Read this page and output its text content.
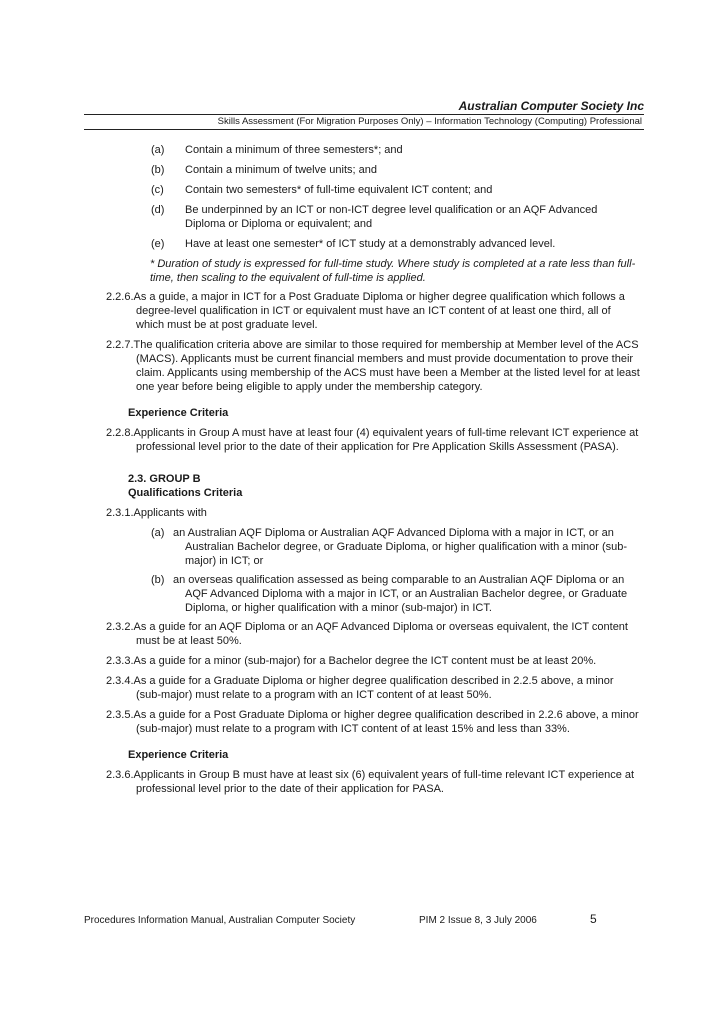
Australian Computer Society Inc
Skills Assessment (For Migration Purposes Only) – Information Technology (Computing) Professional
(a) Contain a minimum of three semesters*; and
(b) Contain a minimum of twelve units; and
(c) Contain two semesters* of full-time equivalent ICT content; and
(d) Be underpinned by an ICT or non-ICT degree level qualification or an AQF Advanced Diploma or Diploma or equivalent; and
(e) Have at least one semester* of ICT study at a demonstrably advanced level.

* Duration of study is expressed for full-time study. Where study is completed at a rate less than full-time, then scaling to the equivalent of full-time is applied.

2.2.6.As a guide, a major in ICT for a Post Graduate Diploma or higher degree qualification which follows a degree-level qualification in ICT or equivalent must have an ICT content of at least one third, all of which must be at post graduate level.
2.2.7.The qualification criteria above are similar to those required for membership at Member level of the ACS (MACS). Applicants must be current financial members and must provide documentation to prove their claim. Applicants using membership of the ACS must have been a Member at the listed level for at least one year before being eligible to apply under the membership category.

Experience Criteria

2.2.8.Applicants in Group A must have at least four (4) equivalent years of full-time relevant ICT experience at professional level prior to the date of their application for Pre Application Skills Assessment (PASA).

2.3. GROUP B

Qualifications Criteria

2.3.1.Applicants with
(a) an Australian AQF Diploma or Australian AQF Advanced Diploma with a major in ICT, or an Australian Bachelor degree, or Graduate Diploma, or higher qualification with a minor (sub-major) in ICT; or
(b) an overseas qualification assessed as being comparable to an Australian AQF Diploma or an AQF Advanced Diploma with a major in ICT, or an Australian Bachelor degree, or Graduate Diploma, or higher qualification with a minor (sub-major) in ICT.
2.3.2.As a guide for an AQF Diploma or an AQF Advanced Diploma or overseas equivalent, the ICT content must be at least 50%.
2.3.3.As a guide for a minor (sub-major) for a Bachelor degree the ICT content must be at least 20%.
2.3.4.As a guide for a Graduate Diploma or higher degree qualification described in 2.2.5 above, a minor (sub-major) must relate to a program with an ICT content of at least 50%.
2.3.5.As a guide for a Post Graduate Diploma or higher degree qualification described in 2.2.6 above, a minor (sub-major) must relate to a program with ICT content of at least 15% and less than 33%.

Experience Criteria

2.3.6.Applicants in Group B must have at least six (6) equivalent years of full-time relevant ICT experience at professional level prior to the date of their application for PASA.
Procedures Information Manual, Australian Computer Society	PIM 2 Issue 8, 3 July 2006	5
